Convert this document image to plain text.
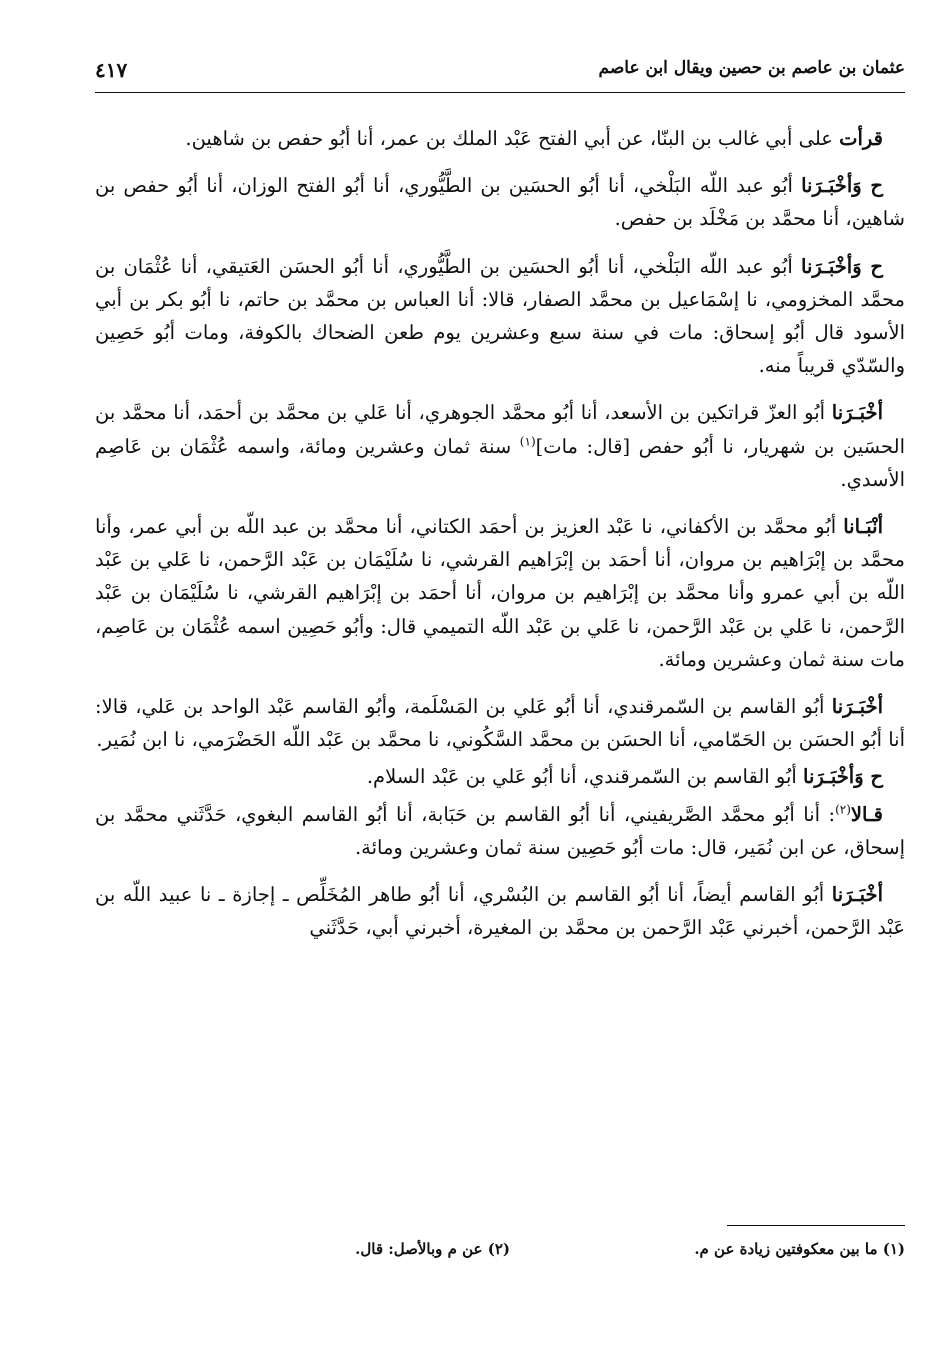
عثمان بن عاصم بن حصين ويقال ابن عاصم
٤١٧

قرأت على أبي غالب بن البنّا، عن أبي الفتح عَبْد الملك بن عمر، أنا أبُو حفص بن شاهين.

ح وَأخْبَـرَنا أبُو عبد اللّه البَلْخي، أنا أبُو الحسَين بن الطَّيُّوري، أنا أبُو الفتح الوزان، أنا أبُو حفص بن شاهين، أنا محمَّد بن مَخْلَد بن حفص.

ح وَأخْبَـرَنا أبُو عبد اللّه البَلْخي، أنا أبُو الحسَين بن الطَّيُّوري، أنا أبُو الحسَن العَتيقي، أنا عُثْمَان بن محمَّد المخزومي، نا إسْمَاعيل بن محمَّد الصفار، قالا: أنا العباس بن محمَّد بن حاتم، نا أبُو بكر بن أبي الأسود قال أبُو إسحاق: مات في سنة سبع وعشرين يوم طعن الضحاك بالكوفة، ومات أبُو حَصِين والسّدّي قريباً منه.

أخْبَـرَنا أبُو العزّ قراتكين بن الأسعد، أنا أبُو محمَّد الجوهري، أنا عَلي بن محمَّد بن أحمَد، أنا محمَّد بن الحسَين بن شهريار، نا أبُو حفص [قال: مات]$^{(١)}$ سنة ثمان وعشرين ومائة، واسمه عُثْمَان بن عَاصِم الأسدي.

أنْبَـانا أبُو محمَّد بن الأكفاني، نا عَبْد العزيز بن أحمَد الكتاني، أنا محمَّد بن عبد اللّه بن أبي عمر، وأنا محمَّد بن إبْرَاهيم بن مروان، أنا أحمَد بن إبْرَاهيم القرشي، نا سُلَيْمَان بن عَبْد الرَّحمن، نا عَلي بن عَبْد اللّه بن أبي عمرو وأنا محمَّد بن إبْرَاهيم بن مروان، أنا أحمَد بن إبْرَاهيم القرشي، نا سُلَيْمَان بن عَبْد الرَّحمن، نا عَلي بن عَبْد الرَّحمن، نا عَلي بن عَبْد اللّه التميمي قال: وأبُو حَصِين اسمه عُثْمَان بن عَاصِم، مات سنة ثمان وعشرين ومائة.

أخْبَـرَنا أبُو القاسم بن السّمرقندي، أنا أبُو عَلي بن المَسْلَمة، وأبُو القاسم عَبْد الواحد بن عَلي، قالا: أنا أبُو الحسَن بن الحَمّامي، أنا الحسَن بن محمَّد السَّكُوني، نا محمَّد بن عَبْد اللّه الحَضْرَمي، نا ابن نُمَير.

ح وَأخْبَـرَنا أبُو القاسم بن السّمرقندي، أنا أبُو عَلي بن عَبْد السلام.

قـالا$^{(٢)}$: أنا أبُو محمَّد الصَّريفيني، أنا أبُو القاسم بن حَبَابة، أنا أبُو القاسم البغوي، حَدَّثَني محمَّد بن إسحاق، عن ابن نُمَير، قال: مات أبُو حَصِين سنة ثمان وعشرين ومائة.

أخْبَـرَنا أبُو القاسم أيضاً، أنا أبُو القاسم بن البُسْري، أنا أبُو طاهر المُخَلِّص ـ إجازة ـ نا عبيد اللّه بن عَبْد الرَّحمن، أخبرني عَبْد الرَّحمن بن محمَّد بن المغيرة، أخبرني أبي، حَدَّثَني

(١) ما بين معكوفتين زيادة عن م.
(٢) عن م وبالأصل: قال.
